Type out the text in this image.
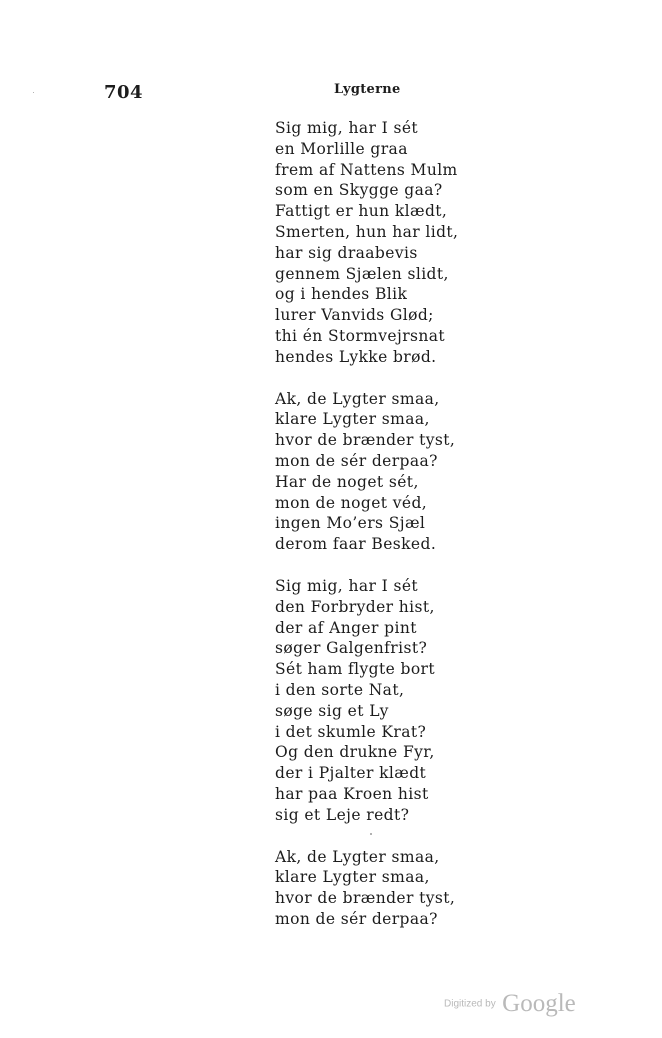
704	Lygterne
Sig mig, har I sét
en Morlille graa
frem af Nattens Mulm
som en Skygge gaa?
Fattigt er hun klædt,
Smerten, hun har lidt,
har sig draabevis
gennem Sjælen slidt,
og i hendes Blik
lurer Vanvids Glød;
thi én Stormvejrsnat
hendes Lykke brød.
Ak, de Lygter smaa,
klare Lygter smaa,
hvor de brænder tyst,
mon de sér derpaa?
Har de noget sét,
mon de noget véd,
ingen Mo’ers Sjæl
derom faar Besked.
Sig mig, har I sét
den Forbryder hist,
der af Anger pint
søger Galgenfrist?
Sét ham flygte bort
i den sorte Nat,
søge sig et Ly
i det skumle Krat?
Og den drukne Fyr,
der i Pjalter klædt
har paa Kroen hist
sig et Leje redt?
Ak, de Lygter smaa,
klare Lygter smaa,
hvor de brænder tyst,
mon de sér derpaa?
Digitized by Google
